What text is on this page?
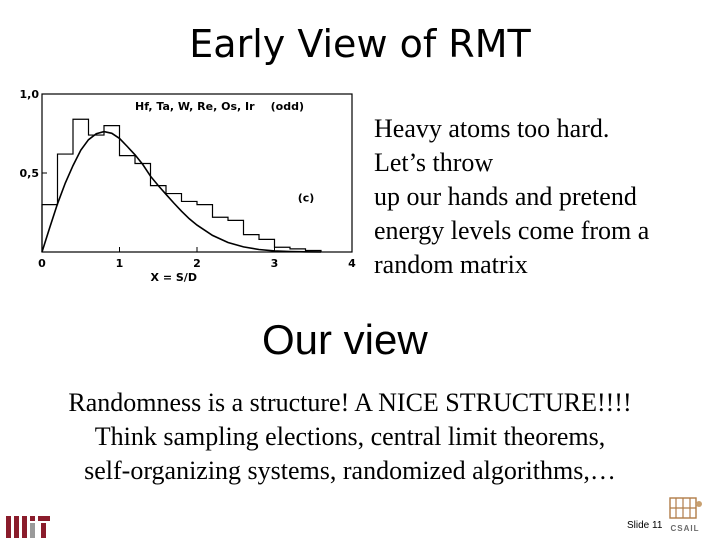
Early View of RMT
0	1	2	3	4
0,5
1,0
Hf, Ta, W, Re, Os, Ir (odd)
(c)
X = S/D
Heavy atoms too hard.
Let’s throw
up our hands and pretend
energy levels come from a
random matrix
Our view
Randomness is a structure! A NICE STRUCTURE!!!!
Think sampling elections, central limit theorems,
self-organizing systems, randomized algorithms,…
CSAIL
Slide 11
